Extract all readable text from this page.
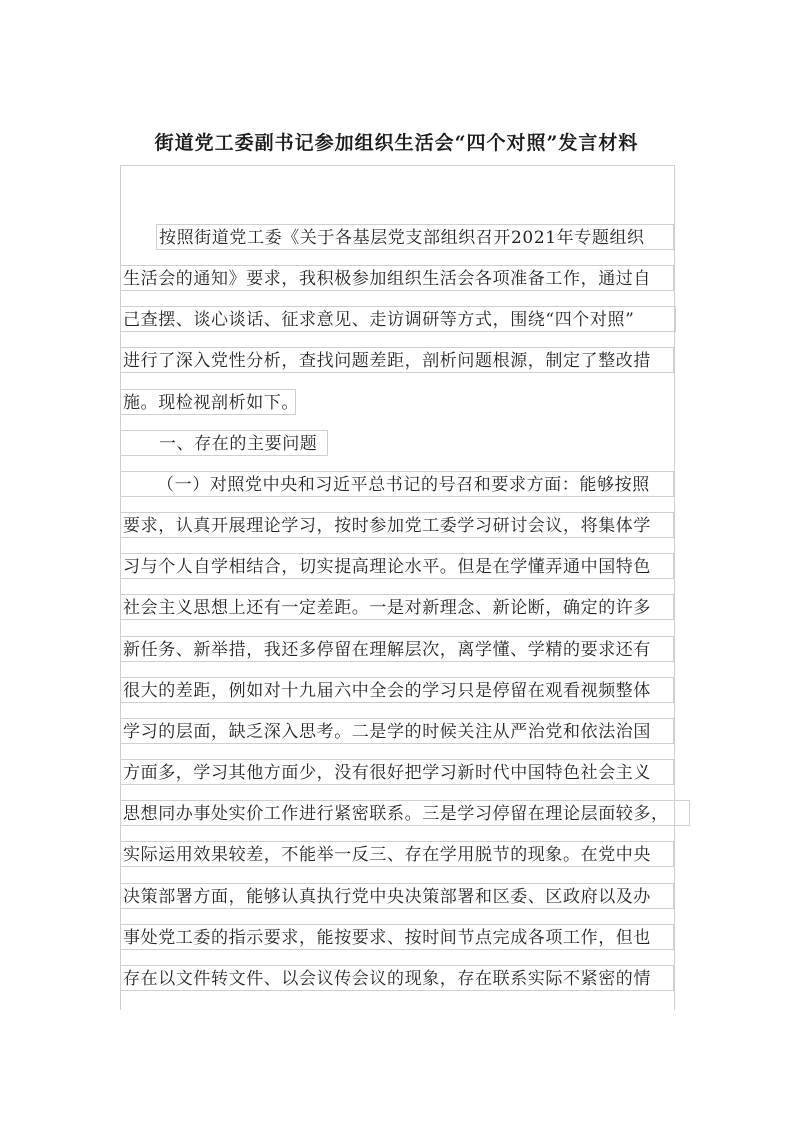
街道党工委副书记参加组织生活会“四个对照”发言材料
按照街道党工委《关于各基层党支部组织召开2021年专题组织
生活会的通知》要求，我积极参加组织生活会各项准备工作，通过自
己查摆、谈心谈话、征求意见、走访调研等方式，围绕“四个对照”
进行了深入党性分析，查找问题差距，剖析问题根源，制定了整改措
施。现检视剖析如下。
一、存在的主要问题
（一）对照党中央和习近平总书记的号召和要求方面：能够按照
要求，认真开展理论学习，按时参加党工委学习研讨会议，将集体学
习与个人自学相结合，切实提高理论水平。但是在学懂弄通中国特色
社会主义思想上还有一定差距。一是对新理念、新论断，确定的许多
新任务、新举措，我还多停留在理解层次，离学懂、学精的要求还有
很大的差距，例如对十九届六中全会的学习只是停留在观看视频整体
学习的层面，缺乏深入思考。二是学的时候关注从严治党和依法治国
方面多，学习其他方面少，没有很好把学习新时代中国特色社会主义
思想同办事处实价工作进行紧密联系。三是学习停留在理论层面较多，
实际运用效果较差，不能举一反三、存在学用脱节的现象。在党中央
决策部署方面，能够认真执行党中央决策部署和区委、区政府以及办
事处党工委的指示要求，能按要求、按时间节点完成各项工作，但也
存在以文件转文件、以会议传会议的现象，存在联系实际不紧密的情
